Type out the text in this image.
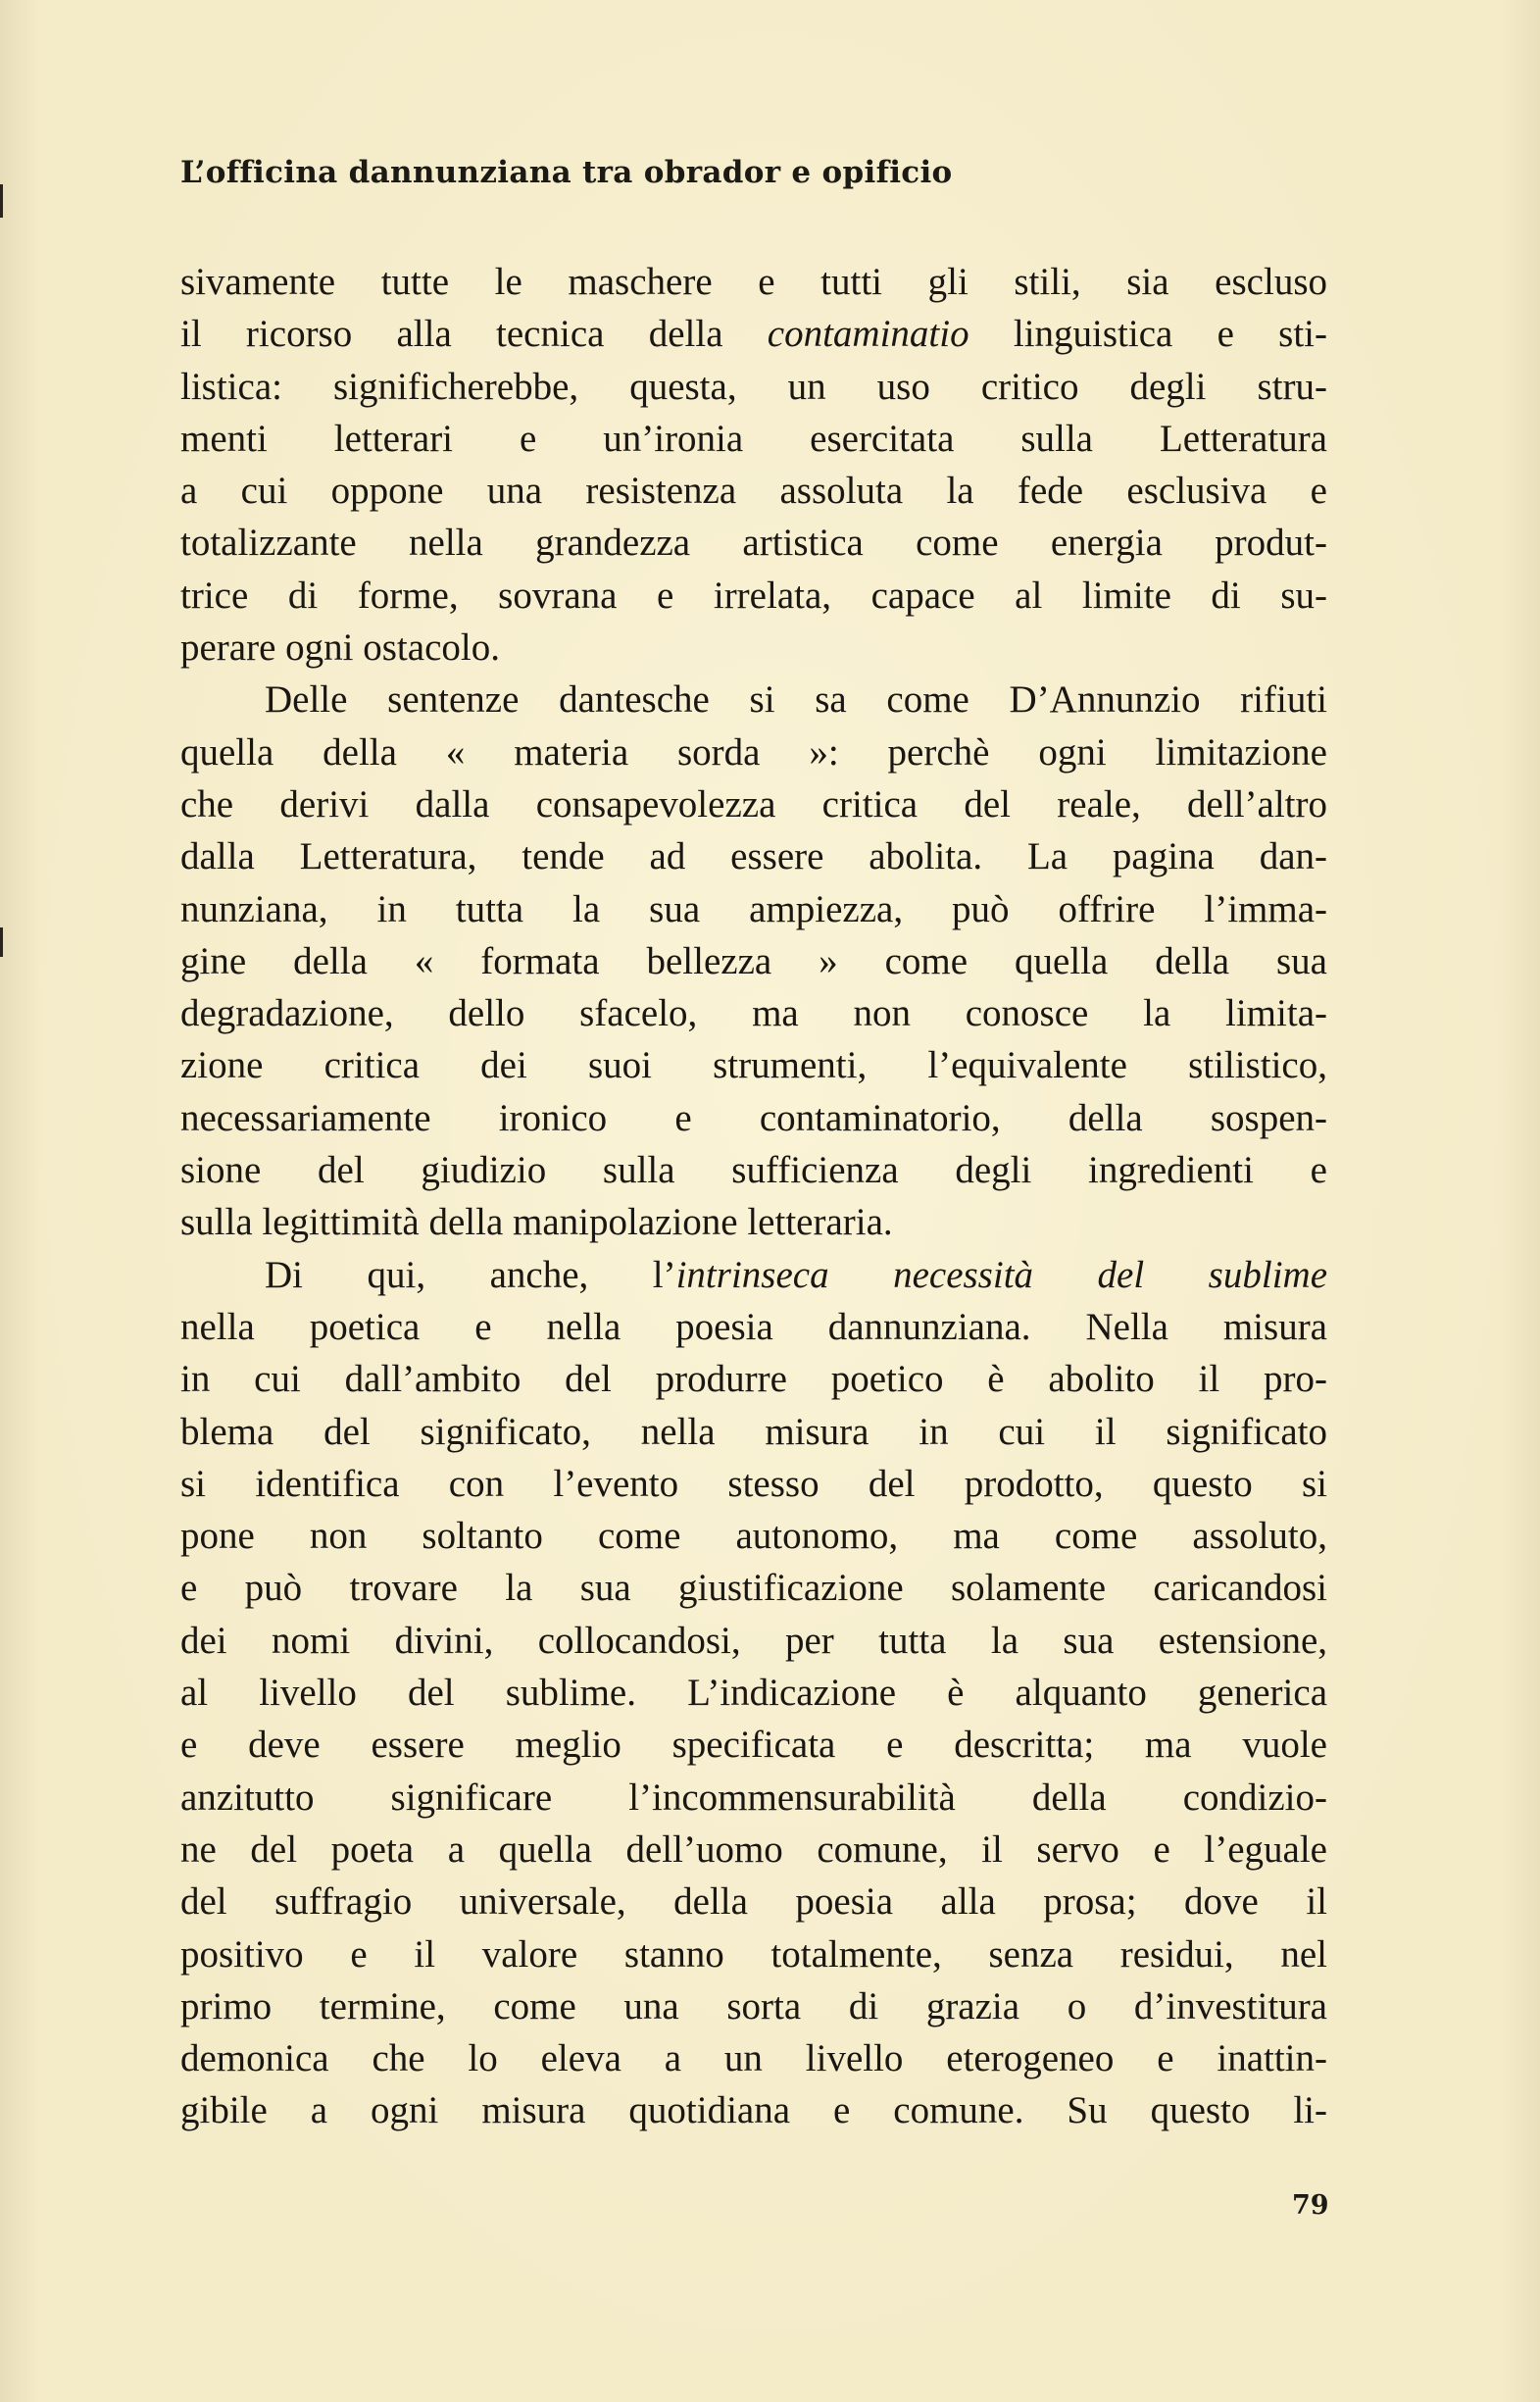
L’officina dannunziana tra obrador e opificio
sivamente tutte le maschere e tutti gli stili, sia escluso
il ricorso alla tecnica della contaminatio linguistica e sti-
listica: significherebbe, questa, un uso critico degli stru-
menti letterari e un’ironia esercitata sulla Letteratura
a cui oppone una resistenza assoluta la fede esclusiva e
totalizzante nella grandezza artistica come energia produt-
trice di forme, sovrana e irrelata, capace al limite di su-
perare ogni ostacolo.
Delle sentenze dantesche si sa come D’Annunzio rifiuti
quella della « materia sorda »: perchè ogni limitazione
che derivi dalla consapevolezza critica del reale, dell’altro
dalla Letteratura, tende ad essere abolita. La pagina dan-
nunziana, in tutta la sua ampiezza, può offrire l’imma-
gine della « formata bellezza » come quella della sua
degradazione, dello sfacelo, ma non conosce la limita-
zione critica dei suoi strumenti, l’equivalente stilistico,
necessariamente ironico e contaminatorio, della sospen-
sione del giudizio sulla sufficienza degli ingredienti e
sulla legittimità della manipolazione letteraria.
Di qui, anche, l’intrinseca necessità del sublime
nella poetica e nella poesia dannunziana. Nella misura
in cui dall’ambito del produrre poetico è abolito il pro-
blema del significato, nella misura in cui il significato
si identifica con l’evento stesso del prodotto, questo si
pone non soltanto come autonomo, ma come assoluto,
e può trovare la sua giustificazione solamente caricandosi
dei nomi divini, collocandosi, per tutta la sua estensione,
al livello del sublime. L’indicazione è alquanto generica
e deve essere meglio specificata e descritta; ma vuole
anzitutto significare l’incommensurabilità della condizio-
ne del poeta a quella dell’uomo comune, il servo e l’eguale
del suffragio universale, della poesia alla prosa; dove il
positivo e il valore stanno totalmente, senza residui, nel
primo termine, come una sorta di grazia o d’investitura
demonica che lo eleva a un livello eterogeneo e inattin-
gibile a ogni misura quotidiana e comune. Su questo li-
79
